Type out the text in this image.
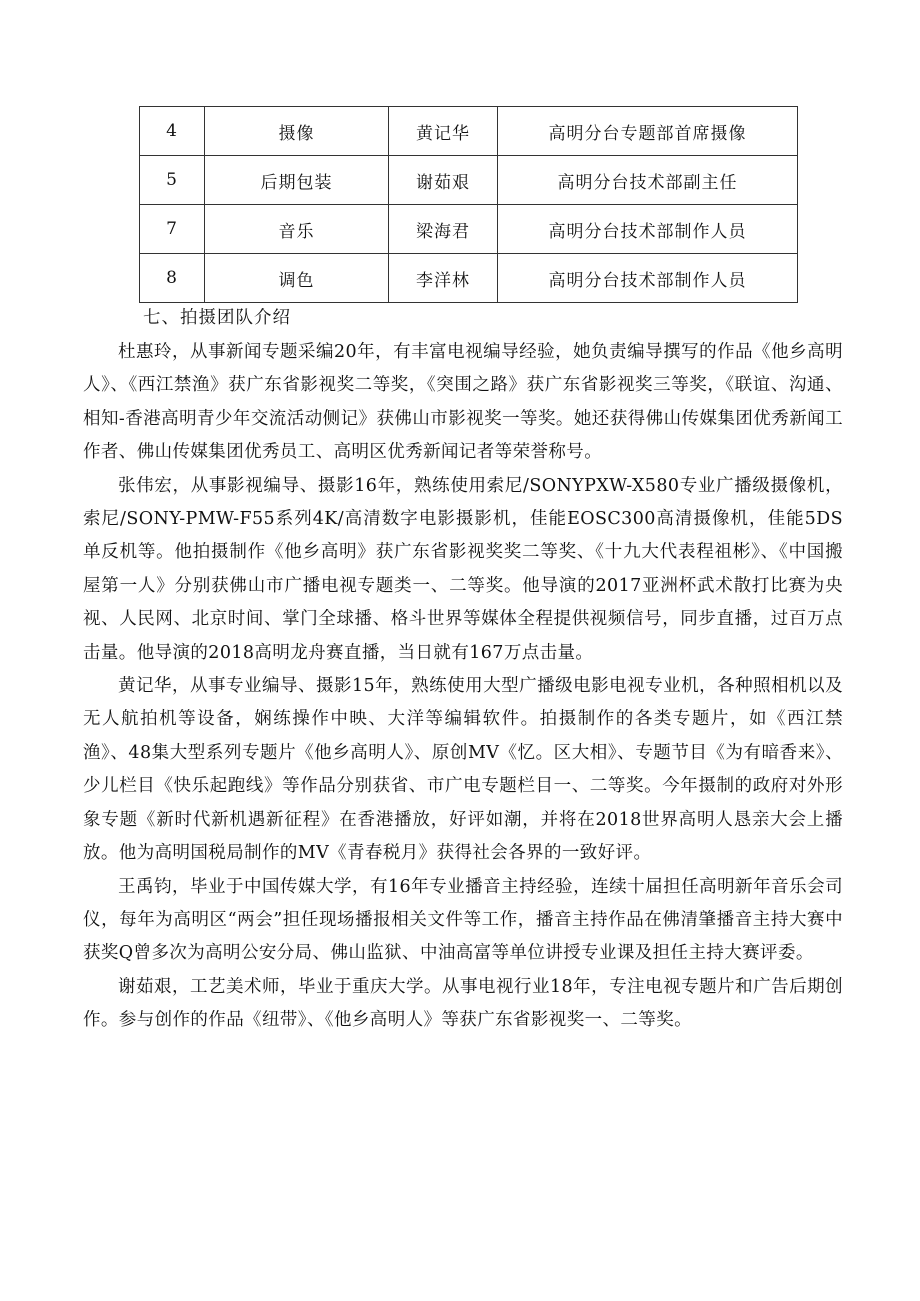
4	摄像	黄记华	高明分台专题部首席摄像
5	后期包装	谢茹艰	高明分台技术部副主任
7	音乐	梁海君	高明分台技术部制作人员
8	调色	李洋林	高明分台技术部制作人员
七、拍摄团队介绍

杜惠玲，从事新闻专题采编20年，有丰富电视编导经验，她负责编导撰写的作品《他乡高明人》、《西江禁渔》获广东省影视奖二等奖，《突围之路》获广东省影视奖三等奖，《联谊、沟通、相知-香港高明青少年交流活动侧记》获佛山市影视奖一等奖。她还获得佛山传媒集团优秀新闻工作者、佛山传媒集团优秀员工、高明区优秀新闻记者等荣誉称号。

张伟宏，从事影视编导、摄影16年，熟练使用索尼/SONYPXW-X580专业广播级摄像机，索尼/SONY-PMW-F55系列4K/高清数字电影摄影机，佳能EOSC300高清摄像机，佳能5DS单反机等。他拍摄制作《他乡高明》获广东省影视奖奖二等奖、《十九大代表程祖彬》、《中国搬屋第一人》分别获佛山市广播电视专题类一、二等奖。他导演的2017亚洲杯武术散打比赛为央视、人民网、北京时间、掌门全球播、格斗世界等媒体全程提供视频信号，同步直播，过百万点击量。他导演的2018高明龙舟赛直播，当日就有167万点击量。

黄记华，从事专业编导、摄影15年，熟练使用大型广播级电影电视专业机，各种照相机以及无人航拍机等设备，娴练操作中映、大洋等编辑软件。拍摄制作的各类专题片，如《西江禁渔》、48集大型系列专题片《他乡高明人》、原创MV《忆。区大相》、专题节目《为有暗香来》、少儿栏目《快乐起跑线》等作品分别获省、市广电专题栏目一、二等奖。今年摄制的政府对外形象专题《新时代新机遇新征程》在香港播放，好评如潮，并将在2018世界高明人恳亲大会上播放。他为高明国税局制作的MV《青春税月》获得社会各界的一致好评。

王禹钧，毕业于中国传媒大学，有16年专业播音主持经验，连续十届担任高明新年音乐会司仪，每年为高明区“两会”担任现场播报相关文件等工作，播音主持作品在佛清肇播音主持大赛中获奖Q曾多次为高明公安分局、佛山监狱、中油高富等单位讲授专业课及担任主持大赛评委。

谢茹艰，工艺美术师，毕业于重庆大学。从事电视行业18年，专注电视专题片和广告后期创作。参与创作的作品《纽带》、《他乡高明人》等获广东省影视奖一、二等奖。
